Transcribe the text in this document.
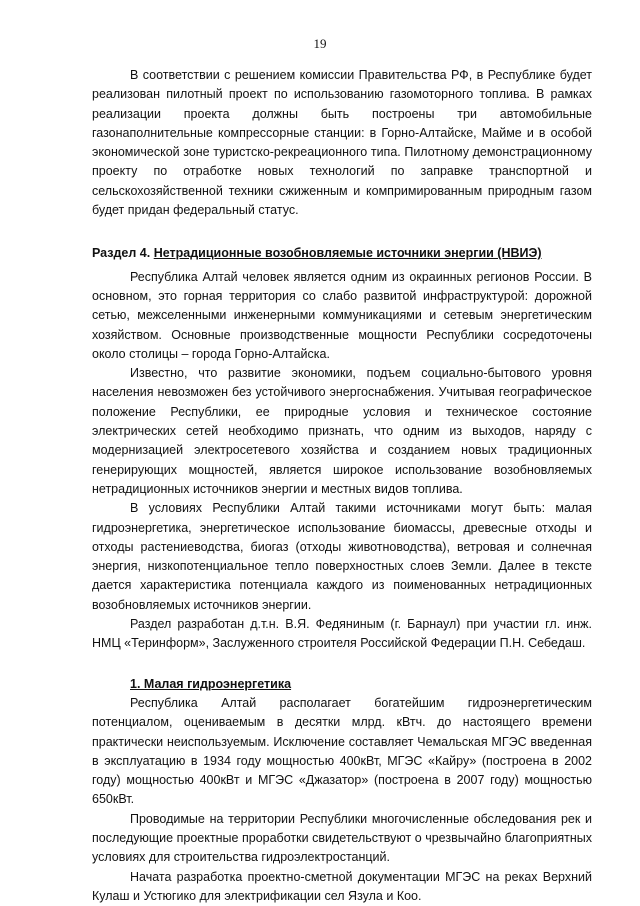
19

В соответствии с решением комиссии Правительства РФ, в Республике будет реализован пилотный проект по использованию газомоторного топлива. В рамках реализации проекта должны быть построены три автомобильные газонаполнительные компрессорные станции: в Горно-Алтайске, Майме и в особой экономической зоне туристско-рекреационного типа. Пилотному демонстрационному проекту по отработке новых технологий по заправке транспортной и сельскохозяйственной техники сжиженным и компримированным природным газом будет придан федеральный статус.

Раздел 4. Нетрадиционные возобновляемые источники энергии (НВИЭ)

Республика Алтай человек является одним из окраинных регионов России. В основном, это горная территория со слабо развитой инфраструктурой: дорожной сетью, межселенными инженерными коммуникациями и сетевым энергетическим хозяйством. Основные производственные мощности Республики сосредоточены около столицы – города Горно-Алтайска.

Известно, что развитие экономики, подъем социально-бытового уровня населения невозможен без устойчивого энергоснабжения. Учитывая географическое положение Республики, ее природные условия и техническое состояние электрических сетей необходимо признать, что одним из выходов, наряду с модернизацией электросетевого хозяйства и созданием новых традиционных генерирующих мощностей, является широкое использование возобновляемых нетрадиционных источников энергии и местных видов топлива.

В условиях Республики Алтай такими источниками могут быть: малая гидроэнергетика, энергетическое использование биомассы, древесные отходы и отходы растениеводства, биогаз (отходы животноводства), ветровая и солнечная энергия, низкопотенциальное тепло поверхностных слоев Земли. Далее в тексте дается характеристика потенциала каждого из поименованных нетрадиционных возобновляемых источников энергии.

Раздел разработан д.т.н. В.Я. Федяниным (г. Барнаул) при участии гл. инж. НМЦ «Теринформ», Заслуженного строителя Российской Федерации П.Н. Себедаш.

1. Малая гидроэнергетика

Республика Алтай располагает богатейшим гидроэнергетическим потенциалом, оцениваемым в десятки млрд. кВтч. до настоящего времени практически неиспользуемым. Исключение составляет Чемальская МГЭС введенная в эксплуатацию в 1934 году мощностью 400кВт, МГЭС «Кайру» (построена в 2002 году) мощностью 400кВт и МГЭС «Джазатор» (построена в 2007 году) мощностью 650кВт.

Проводимые на территории Республики многочисленные обследования рек и последующие проектные проработки свидетельствуют о чрезвычайно благоприятных условиях для строительства гидроэлектростанций.

Начата разработка проектно-сметной документации МГЭС на реках Верхний Кулаш и Устюгико для электрификации сел Язула и Коо.
